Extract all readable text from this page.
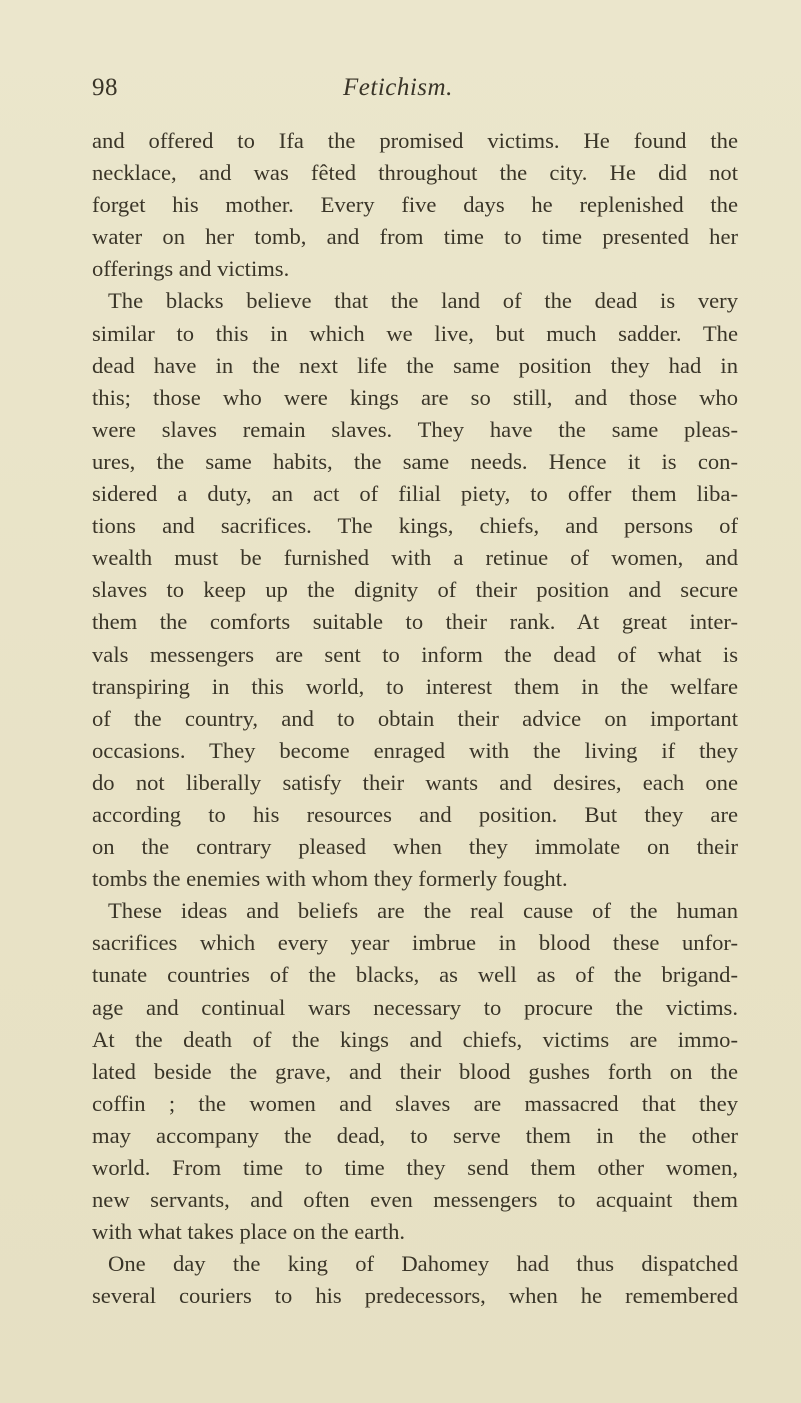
98	Fetichism.
and offered to Ifa the promised victims. He found the
necklace, and was fêted throughout the city. He did not
forget his mother. Every five days he replenished the
water on her tomb, and from time to time presented her
offerings and victims.
The blacks believe that the land of the dead is very
similar to this in which we live, but much sadder. The
dead have in the next life the same position they had in
this; those who were kings are so still, and those who
were slaves remain slaves. They have the same pleas-
ures, the same habits, the same needs. Hence it is con-
sidered a duty, an act of filial piety, to offer them liba-
tions and sacrifices. The kings, chiefs, and persons of
wealth must be furnished with a retinue of women, and
slaves to keep up the dignity of their position and secure
them the comforts suitable to their rank. At great inter-
vals messengers are sent to inform the dead of what is
transpiring in this world, to interest them in the welfare
of the country, and to obtain their advice on important
occasions. They become enraged with the living if they
do not liberally satisfy their wants and desires, each one
according to his resources and position. But they are
on the contrary pleased when they immolate on their
tombs the enemies with whom they formerly fought.
These ideas and beliefs are the real cause of the human
sacrifices which every year imbrue in blood these unfor-
tunate countries of the blacks, as well as of the brigand-
age and continual wars necessary to procure the victims.
At the death of the kings and chiefs, victims are immo-
lated beside the grave, and their blood gushes forth on the
coffin ; the women and slaves are massacred that they
may accompany the dead, to serve them in the other
world. From time to time they send them other women,
new servants, and often even messengers to acquaint them
with what takes place on the earth.
One day the king of Dahomey had thus dispatched
several couriers to his predecessors, when he remembered
